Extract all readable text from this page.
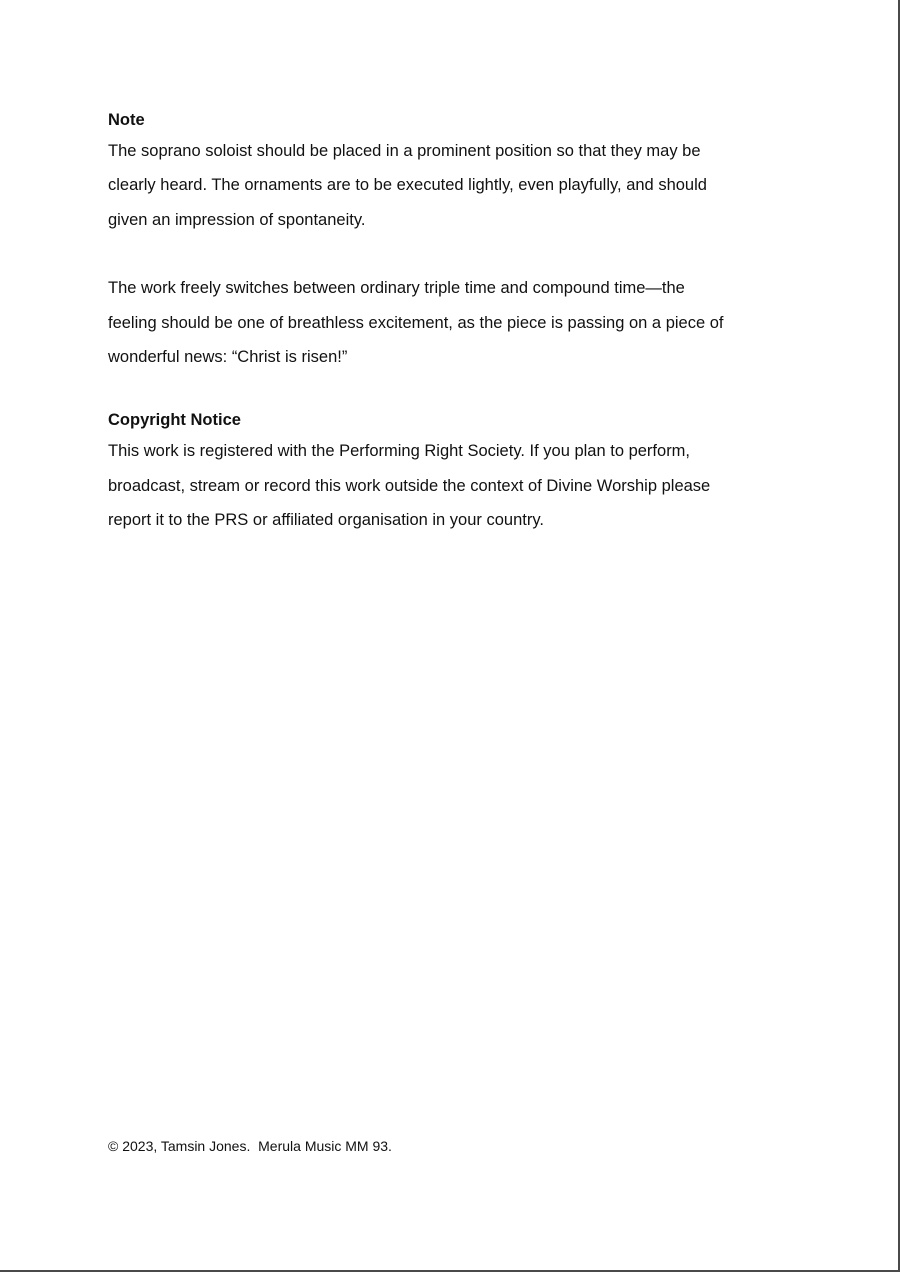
Note

The soprano soloist should be placed in a prominent position so that they may be
clearly heard. The ornaments are to be executed lightly, even playfully, and should
given an impression of spontaneity.

The work freely switches between ordinary triple time and compound time—the
feeling should be one of breathless excitement, as the piece is passing on a piece of
wonderful news: “Christ is risen!”

Copyright Notice

This work is registered with the Performing Right Society. If you plan to perform,
broadcast, stream or record this work outside the context of Divine Worship please
report it to the PRS or affiliated organisation in your country.

© 2023, Tamsin Jones.  Merula Music MM 93.
